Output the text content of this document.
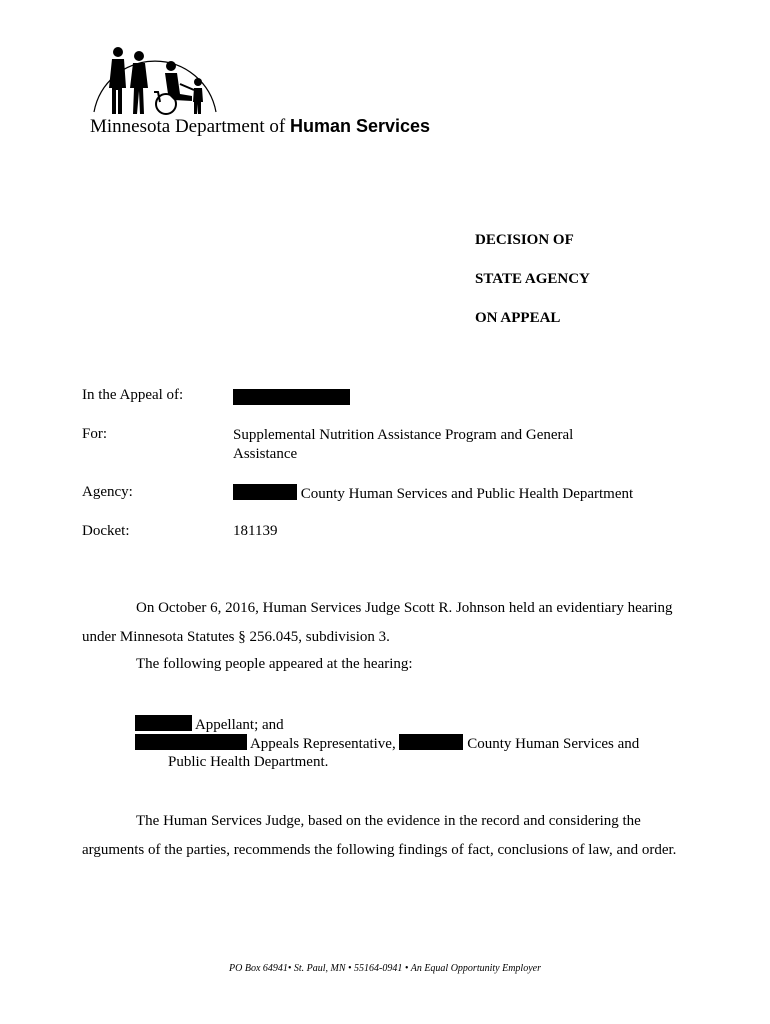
Minnesota Department of Human Services
DECISION OF
STATE AGENCY
ON APPEAL
In the Appeal of:
For:	Supplemental Nutrition Assistance Program and General Assistance
Agency:	County Human Services and Public Health Department
Docket:	181139

On October 6, 2016, Human Services Judge Scott R. Johnson held an evidentiary hearing under Minnesota Statutes § 256.045, subdivision 3.

The following people appeared at the hearing:

Appellant; and
Appeals Representative,	County Human Services and
Public Health Department.

The Human Services Judge, based on the evidence in the record and considering the arguments of the parties, recommends the following findings of fact, conclusions of law, and order.

PO Box 64941• St. Paul, MN • 55164-0941 • An Equal Opportunity Employer
